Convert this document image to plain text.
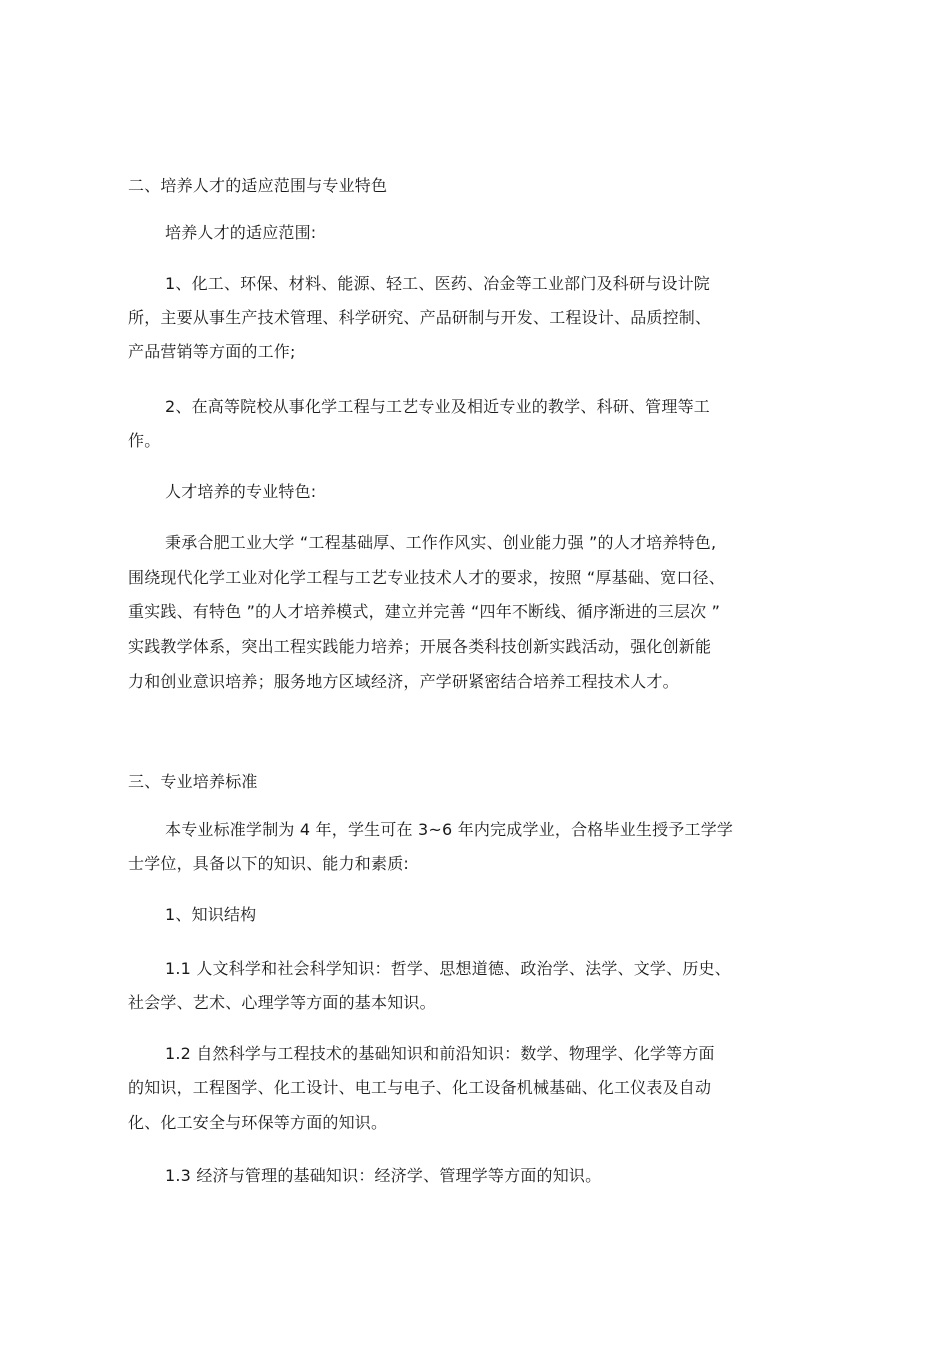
二、培养人才的适应范围与专业特色
培养人才的适应范围:
1、化工、环保、材料、能源、轻工、医药、冶金等工业部门及科研与设计院
所，主要从事生产技术管理、科学研究、产品研制与开发、工程设计、品质控制、
产品营销等方面的工作;
2、在高等院校从事化学工程与工艺专业及相近专业的教学、科研、管理等工
作。
人才培养的专业特色:
秉承合肥工业大学 “工程基础厚、工作作风实、创业能力强 ”的人才培养特色,
围绕现代化学工业对化学工程与工艺专业技术人才的要求，按照 “厚基础、宽口径、
重实践、有特色 ”的人才培养模式，建立并完善 “四年不断线、循序渐进的三层次 ”
实践教学体系，突出工程实践能力培养；开展各类科技创新实践活动，强化创新能
力和创业意识培养；服务地方区域经济，产学研紧密结合培养工程技术人才。
三、专业培养标准
本专业标准学制为 4 年，学生可在 3~6 年内完成学业，合格毕业生授予工学学
士学位，具备以下的知识、能力和素质:
1、知识结构
1.1 人文科学和社会科学知识：哲学、思想道德、政治学、法学、文学、历史、
社会学、艺术、心理学等方面的基本知识。
1.2 自然科学与工程技术的基础知识和前沿知识：数学、物理学、化学等方面
的知识，工程图学、化工设计、电工与电子、化工设备机械基础、化工仪表及自动
化、化工安全与环保等方面的知识。
1.3 经济与管理的基础知识：经济学、管理学等方面的知识。
